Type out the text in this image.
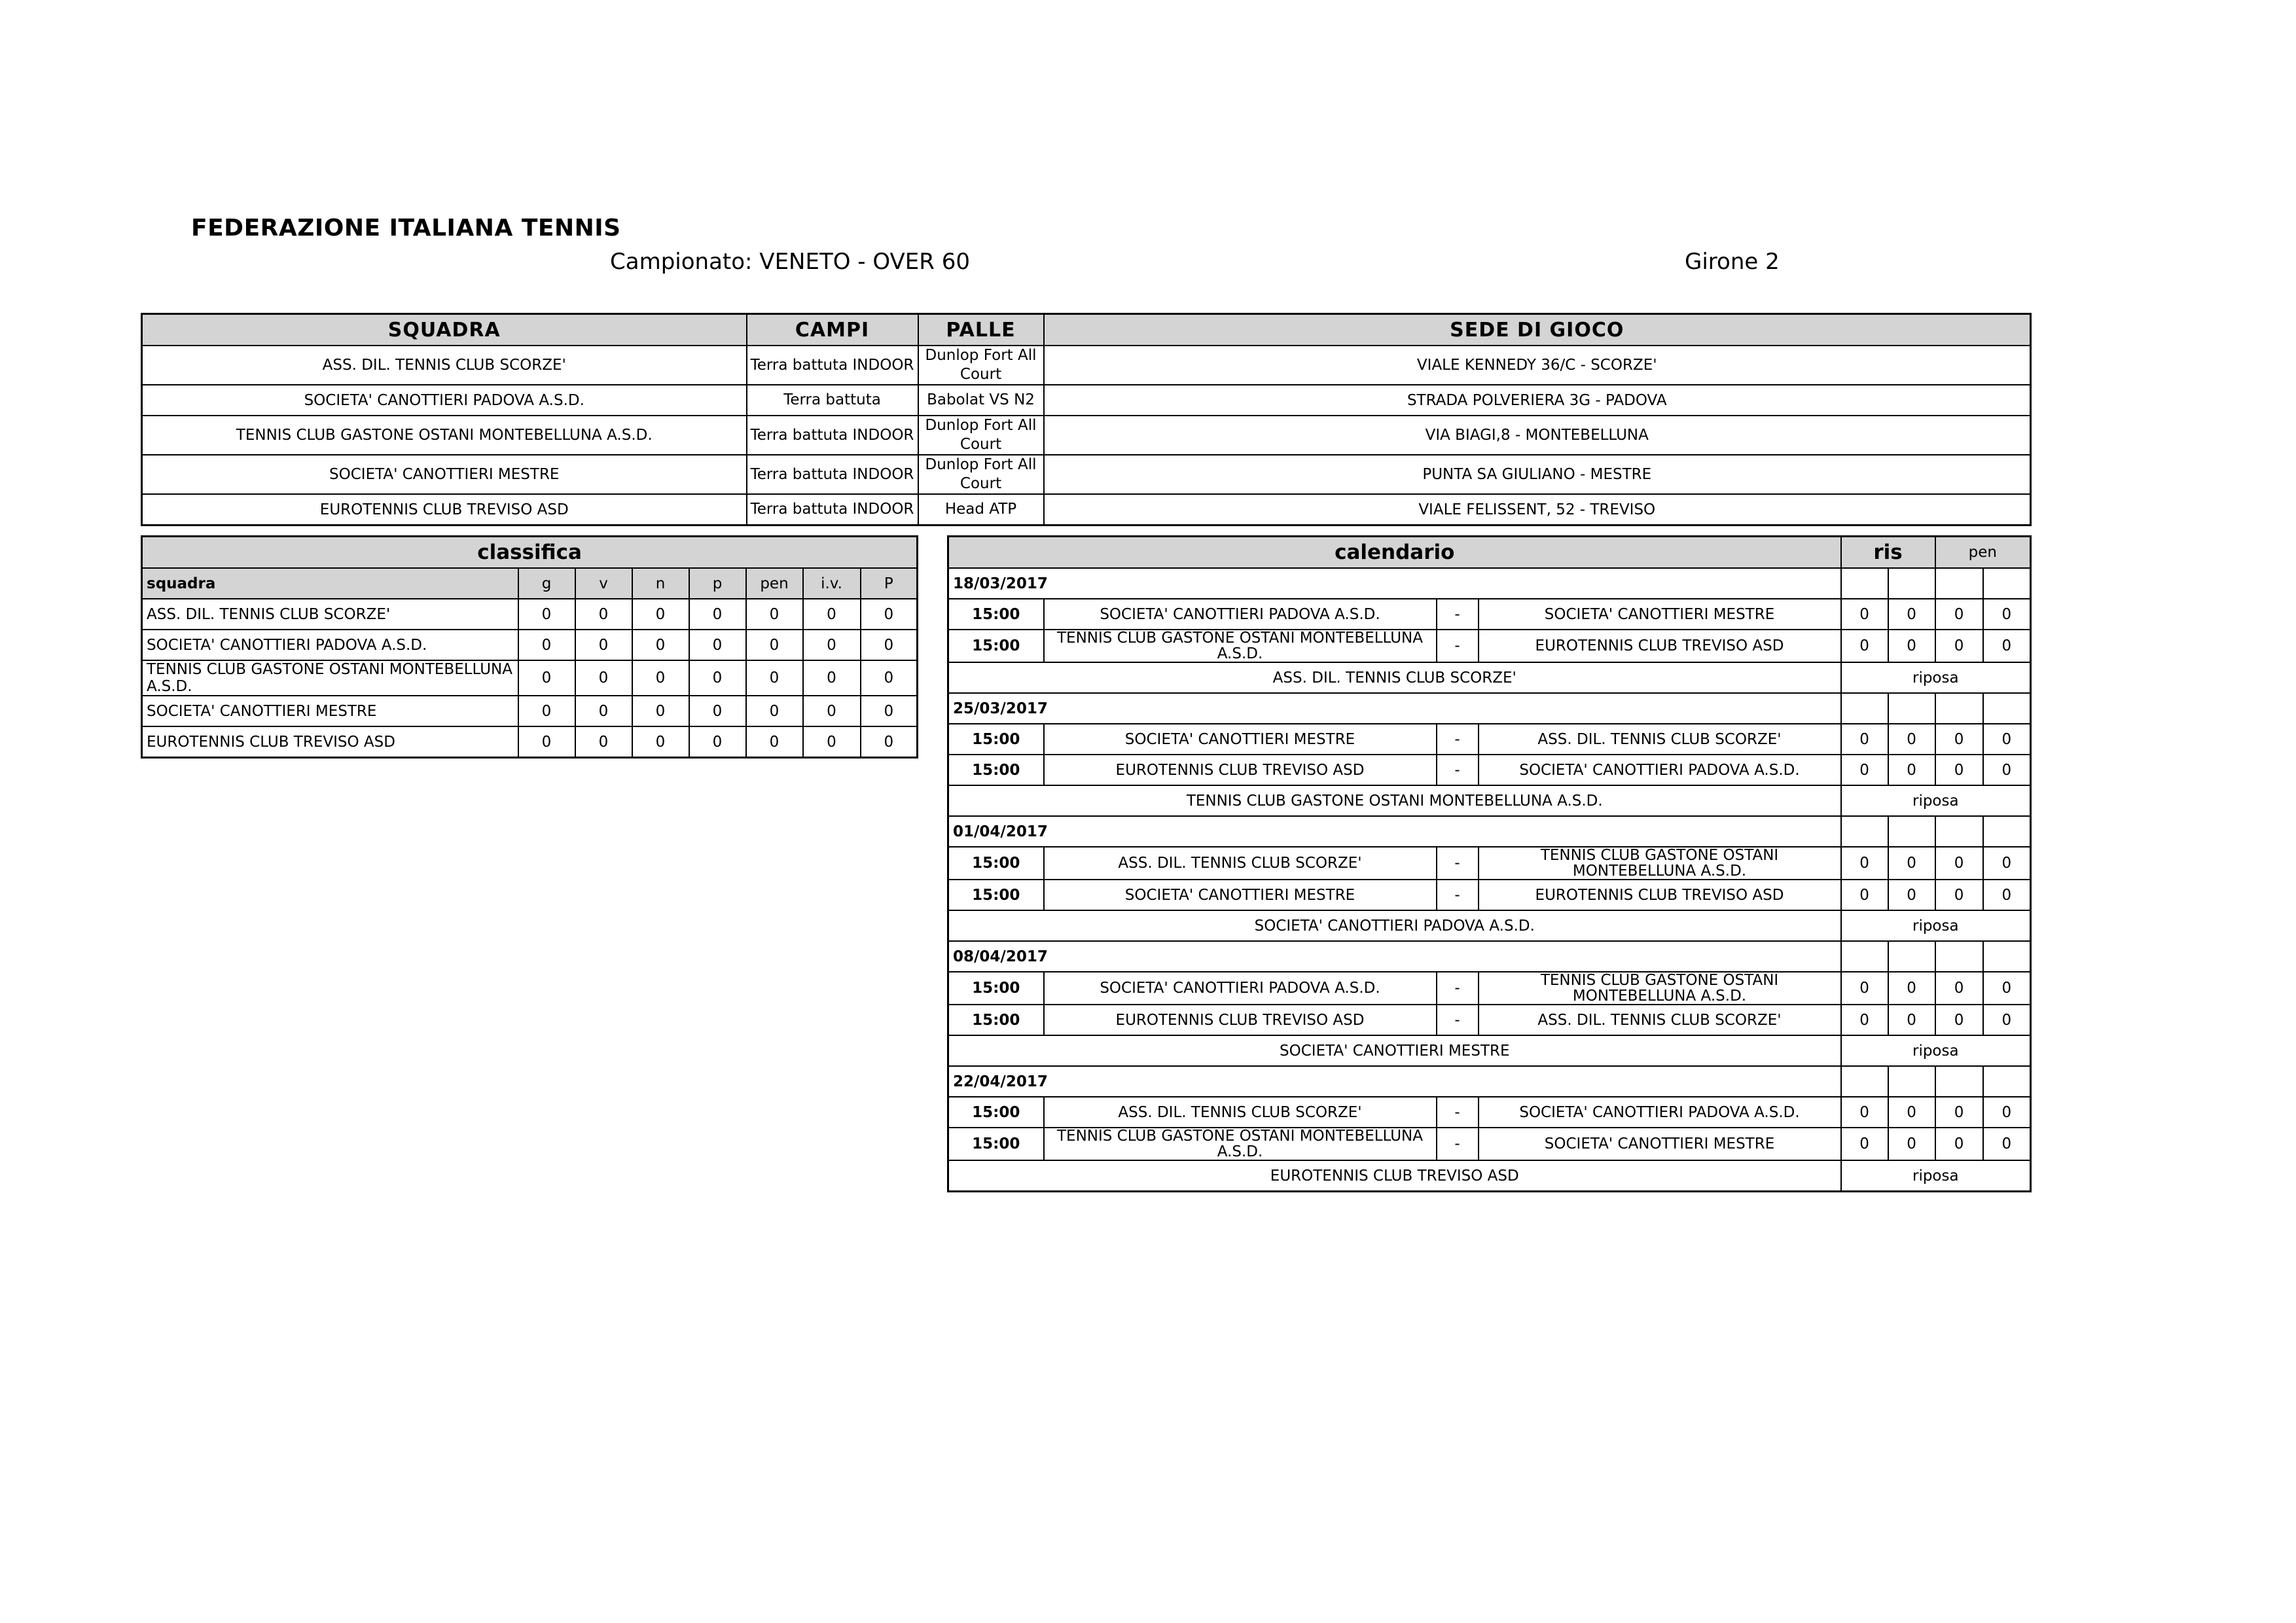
FEDERAZIONE ITALIANA TENNIS
Campionato: VENETO - OVER 60	Girone 2
SQUADRA	CAMPI	PALLE	SEDE DI GIOCO
ASS. DIL. TENNIS CLUB SCORZE'	Terra battuta INDOOR	Dunlop Fort All Court	VIALE KENNEDY 36/C - SCORZE'
SOCIETA' CANOTTIERI PADOVA A.S.D.	Terra battuta	Babolat VS N2	STRADA POLVERIERA 3G - PADOVA
TENNIS CLUB GASTONE OSTANI MONTEBELLUNA A.S.D.	Terra battuta INDOOR	Dunlop Fort All Court	VIA BIAGI,8 - MONTEBELLUNA
SOCIETA' CANOTTIERI MESTRE	Terra battuta INDOOR	Dunlop Fort All Court	PUNTA SA GIULIANO - MESTRE
EUROTENNIS CLUB TREVISO ASD	Terra battuta INDOOR	Head ATP	VIALE FELISSENT, 52 - TREVISO
classifica							
squadra	g	v	n	p	pen	i.v.	P
ASS. DIL. TENNIS CLUB SCORZE'	0	0	0	0	0	0	0
SOCIETA' CANOTTIERI PADOVA A.S.D.	0	0	0	0	0	0	0
TENNIS CLUB GASTONE OSTANI MONTEBELLUNA A.S.D.	0	0	0	0	0	0	0
SOCIETA' CANOTTIERI MESTRE	0	0	0	0	0	0	0
EUROTENNIS CLUB TREVISO ASD	0	0	0	0	0	0	0
calendario				ris		pen	
18/03/2017							
15:00	SOCIETA' CANOTTIERI PADOVA A.S.D.	-	SOCIETA' CANOTTIERI MESTRE	0	0	0	0
15:00	TENNIS CLUB GASTONE OSTANI MONTEBELLUNA A.S.D.	-	EUROTENNIS CLUB TREVISO ASD	0	0	0	0
ASS. DIL. TENNIS CLUB SCORZE'				riposa			
25/03/2017							
15:00	SOCIETA' CANOTTIERI MESTRE	-	ASS. DIL. TENNIS CLUB SCORZE'	0	0	0	0
15:00	EUROTENNIS CLUB TREVISO ASD	-	SOCIETA' CANOTTIERI PADOVA A.S.D.	0	0	0	0
TENNIS CLUB GASTONE OSTANI MONTEBELLUNA A.S.D.				riposa			
01/04/2017							
15:00	ASS. DIL. TENNIS CLUB SCORZE'	-	TENNIS CLUB GASTONE OSTANI MONTEBELLUNA A.S.D.	0	0	0	0
15:00	SOCIETA' CANOTTIERI MESTRE	-	EUROTENNIS CLUB TREVISO ASD	0	0	0	0
SOCIETA' CANOTTIERI PADOVA A.S.D.				riposa			
08/04/2017							
15:00	SOCIETA' CANOTTIERI PADOVA A.S.D.	-	TENNIS CLUB GASTONE OSTANI MONTEBELLUNA A.S.D.	0	0	0	0
15:00	EUROTENNIS CLUB TREVISO ASD	-	ASS. DIL. TENNIS CLUB SCORZE'	0	0	0	0
SOCIETA' CANOTTIERI MESTRE				riposa			
22/04/2017							
15:00	ASS. DIL. TENNIS CLUB SCORZE'	-	SOCIETA' CANOTTIERI PADOVA A.S.D.	0	0	0	0
15:00	TENNIS CLUB GASTONE OSTANI MONTEBELLUNA A.S.D.	-	SOCIETA' CANOTTIERI MESTRE	0	0	0	0
EUROTENNIS CLUB TREVISO ASD				riposa			
